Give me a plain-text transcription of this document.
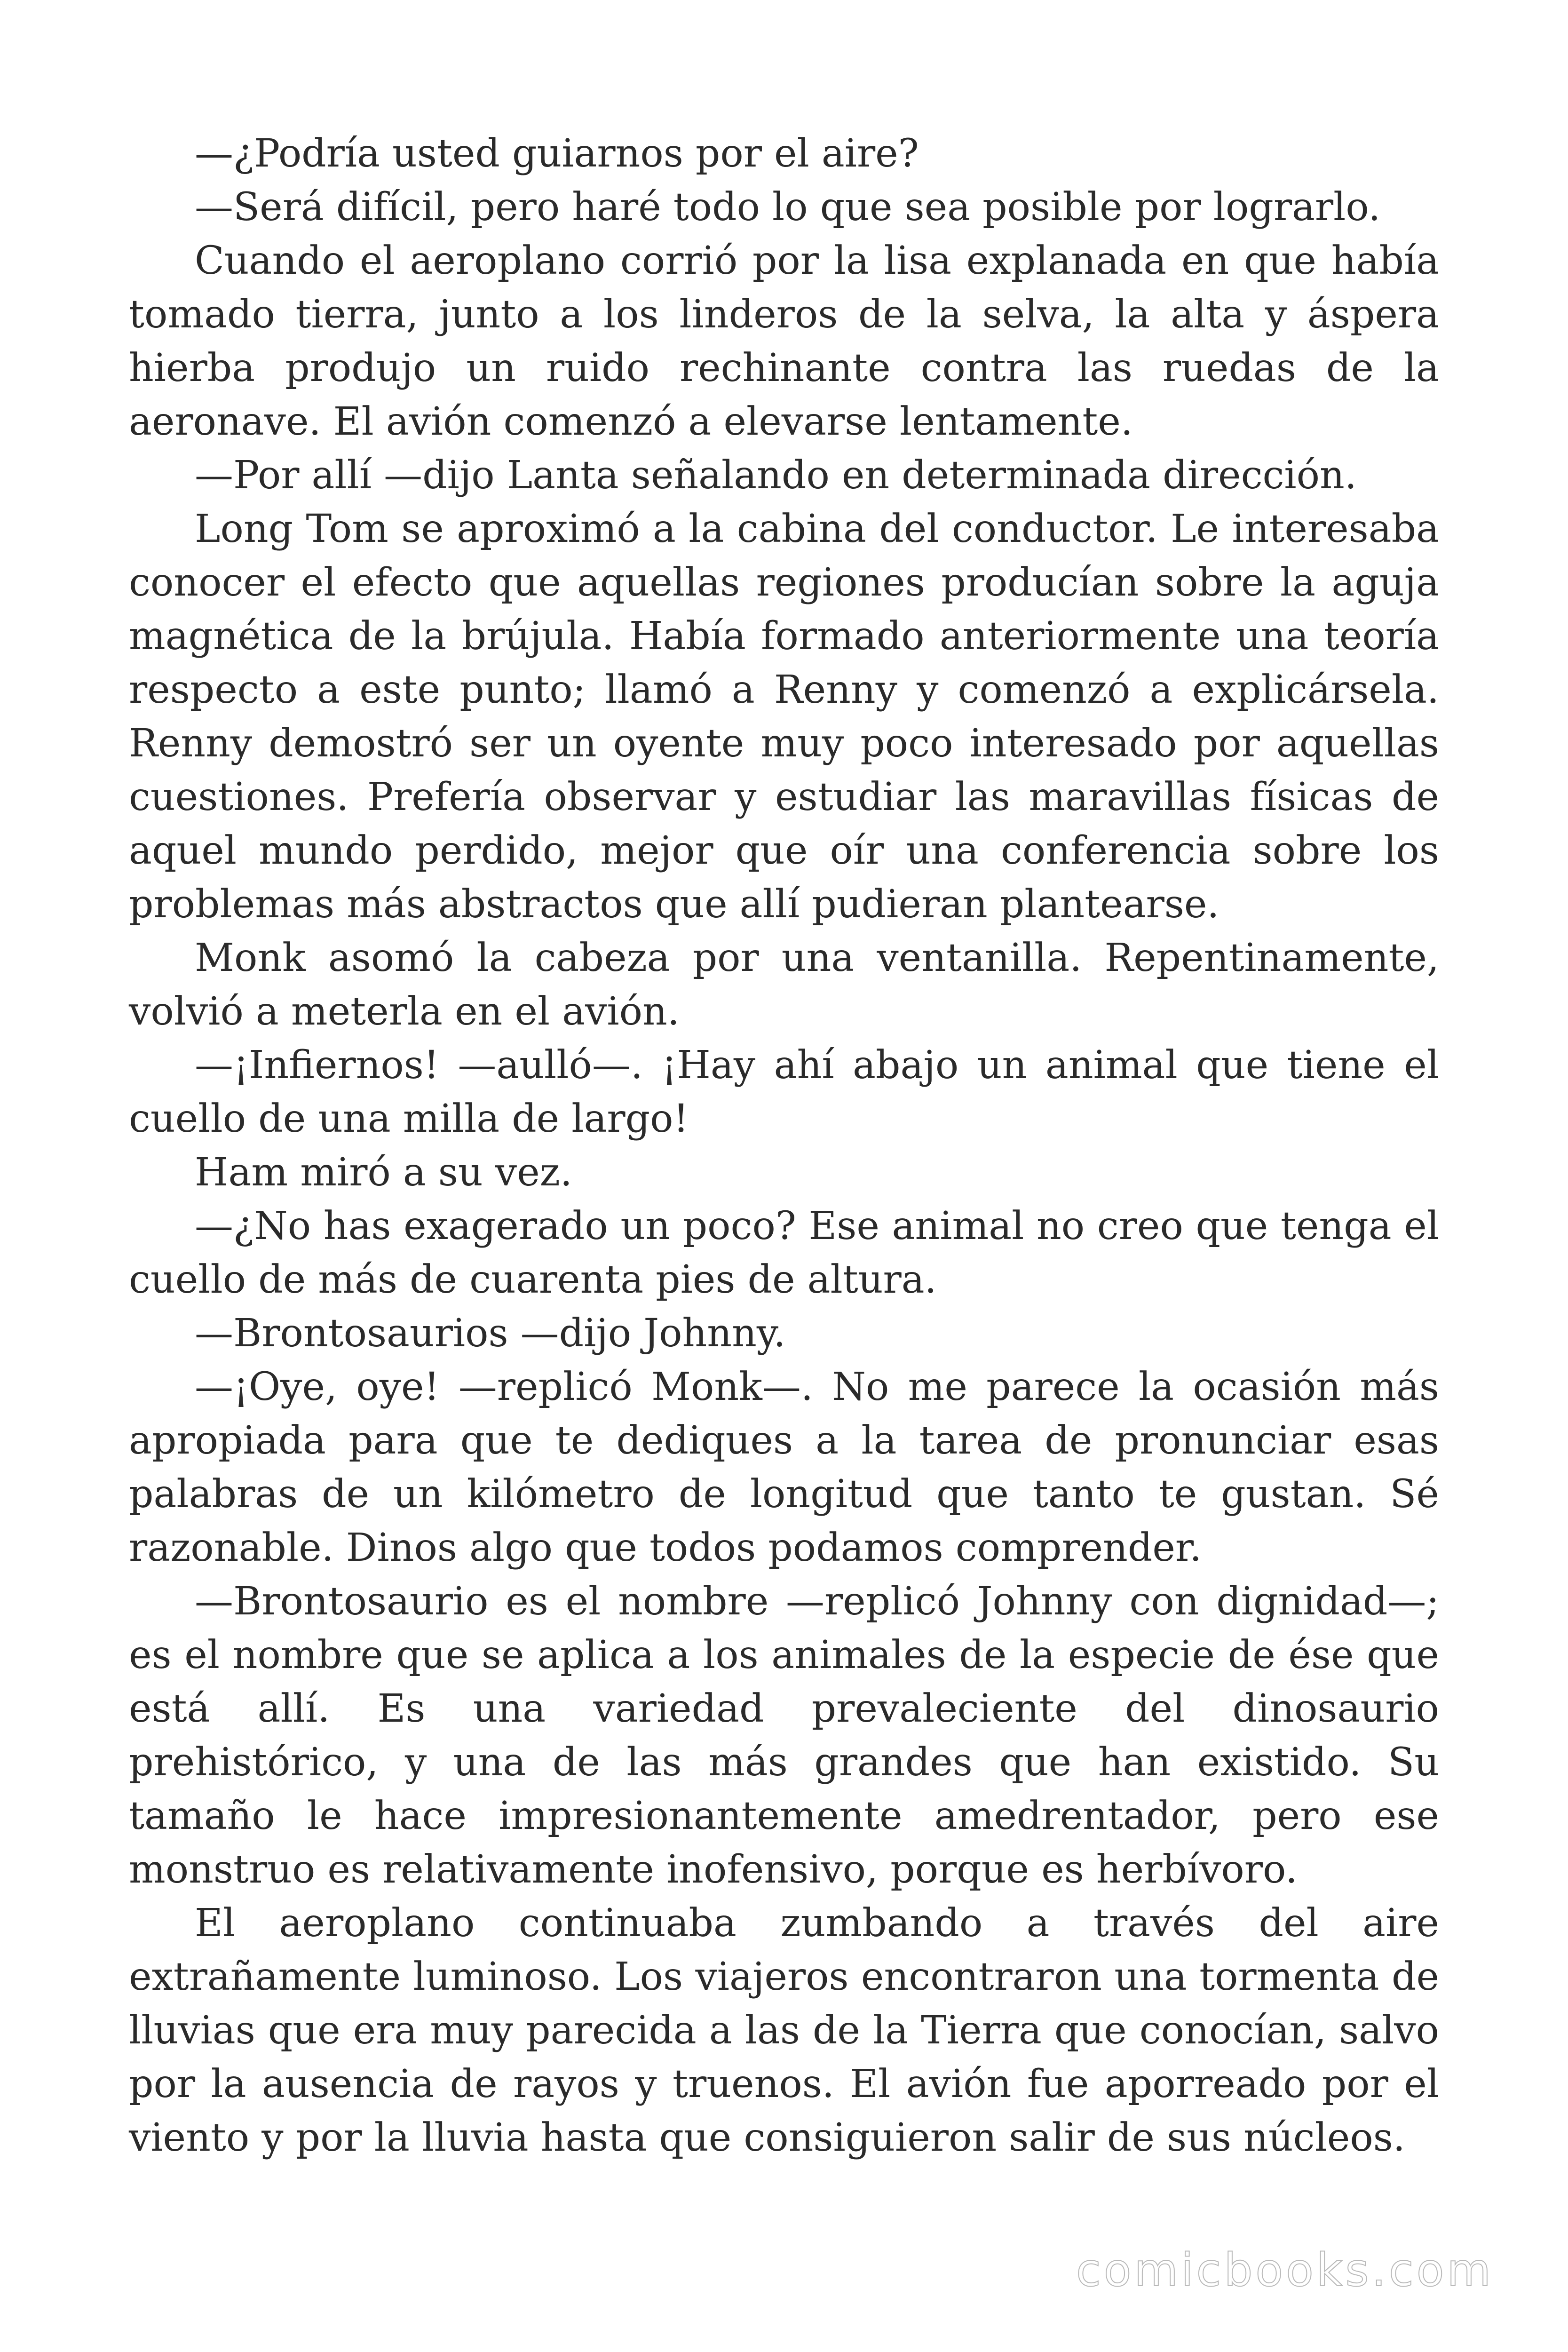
—¿Podría usted guiarnos por el aire?

—Será difícil, pero haré todo lo que sea posible por lograrlo.

Cuando el aeroplano corrió por la lisa explanada en que había tomado tierra, junto a los linderos de la selva, la alta y áspera hierba produjo un ruido rechinante contra las ruedas de la aeronave. El avión comenzó a elevarse lentamente.

—Por allí —dijo Lanta señalando en determinada dirección.

Long Tom se aproximó a la cabina del conductor. Le interesaba conocer el efecto que aquellas regiones producían sobre la aguja magnética de la brújula. Había formado anteriormente una teoría respecto a este punto; llamó a Renny y comenzó a explicársela. Renny demostró ser un oyente muy poco interesado por aquellas cuestiones. Prefería observar y estudiar las maravillas físicas de aquel mundo perdido, mejor que oír una conferencia sobre los problemas más abstractos que allí pudieran plantearse.

Monk asomó la cabeza por una ventanilla. Repentinamente, volvió a meterla en el avión.

—¡Infiernos! —aulló—. ¡Hay ahí abajo un animal que tiene el cuello de una milla de largo!

Ham miró a su vez.

—¿No has exagerado un poco? Ese animal no creo que tenga el cuello de más de cuarenta pies de altura.

—Brontosaurios —dijo Johnny.

—¡Oye, oye! —replicó Monk—. No me parece la ocasión más apropiada para que te dediques a la tarea de pronunciar esas palabras de un kilómetro de longitud que tanto te gustan. Sé razonable. Dinos algo que todos podamos comprender.

—Brontosaurio es el nombre —replicó Johnny con dignidad—; es el nombre que se aplica a los animales de la especie de ése que está allí. Es una variedad prevaleciente del dinosaurio prehistórico, y una de las más grandes que han existido. Su tamaño le hace impresionantemente amedrentador, pero ese monstruo es relativamente inofensivo, porque es herbívoro.

El aeroplano continuaba zumbando a través del aire extrañamente luminoso. Los viajeros encontraron una tormenta de lluvias que era muy parecida a las de la Tierra que conocían, salvo por la ausencia de rayos y truenos. El avión fue aporreado por el viento y por la lluvia hasta que consiguieron salir de sus núcleos.

comicbooks.com
